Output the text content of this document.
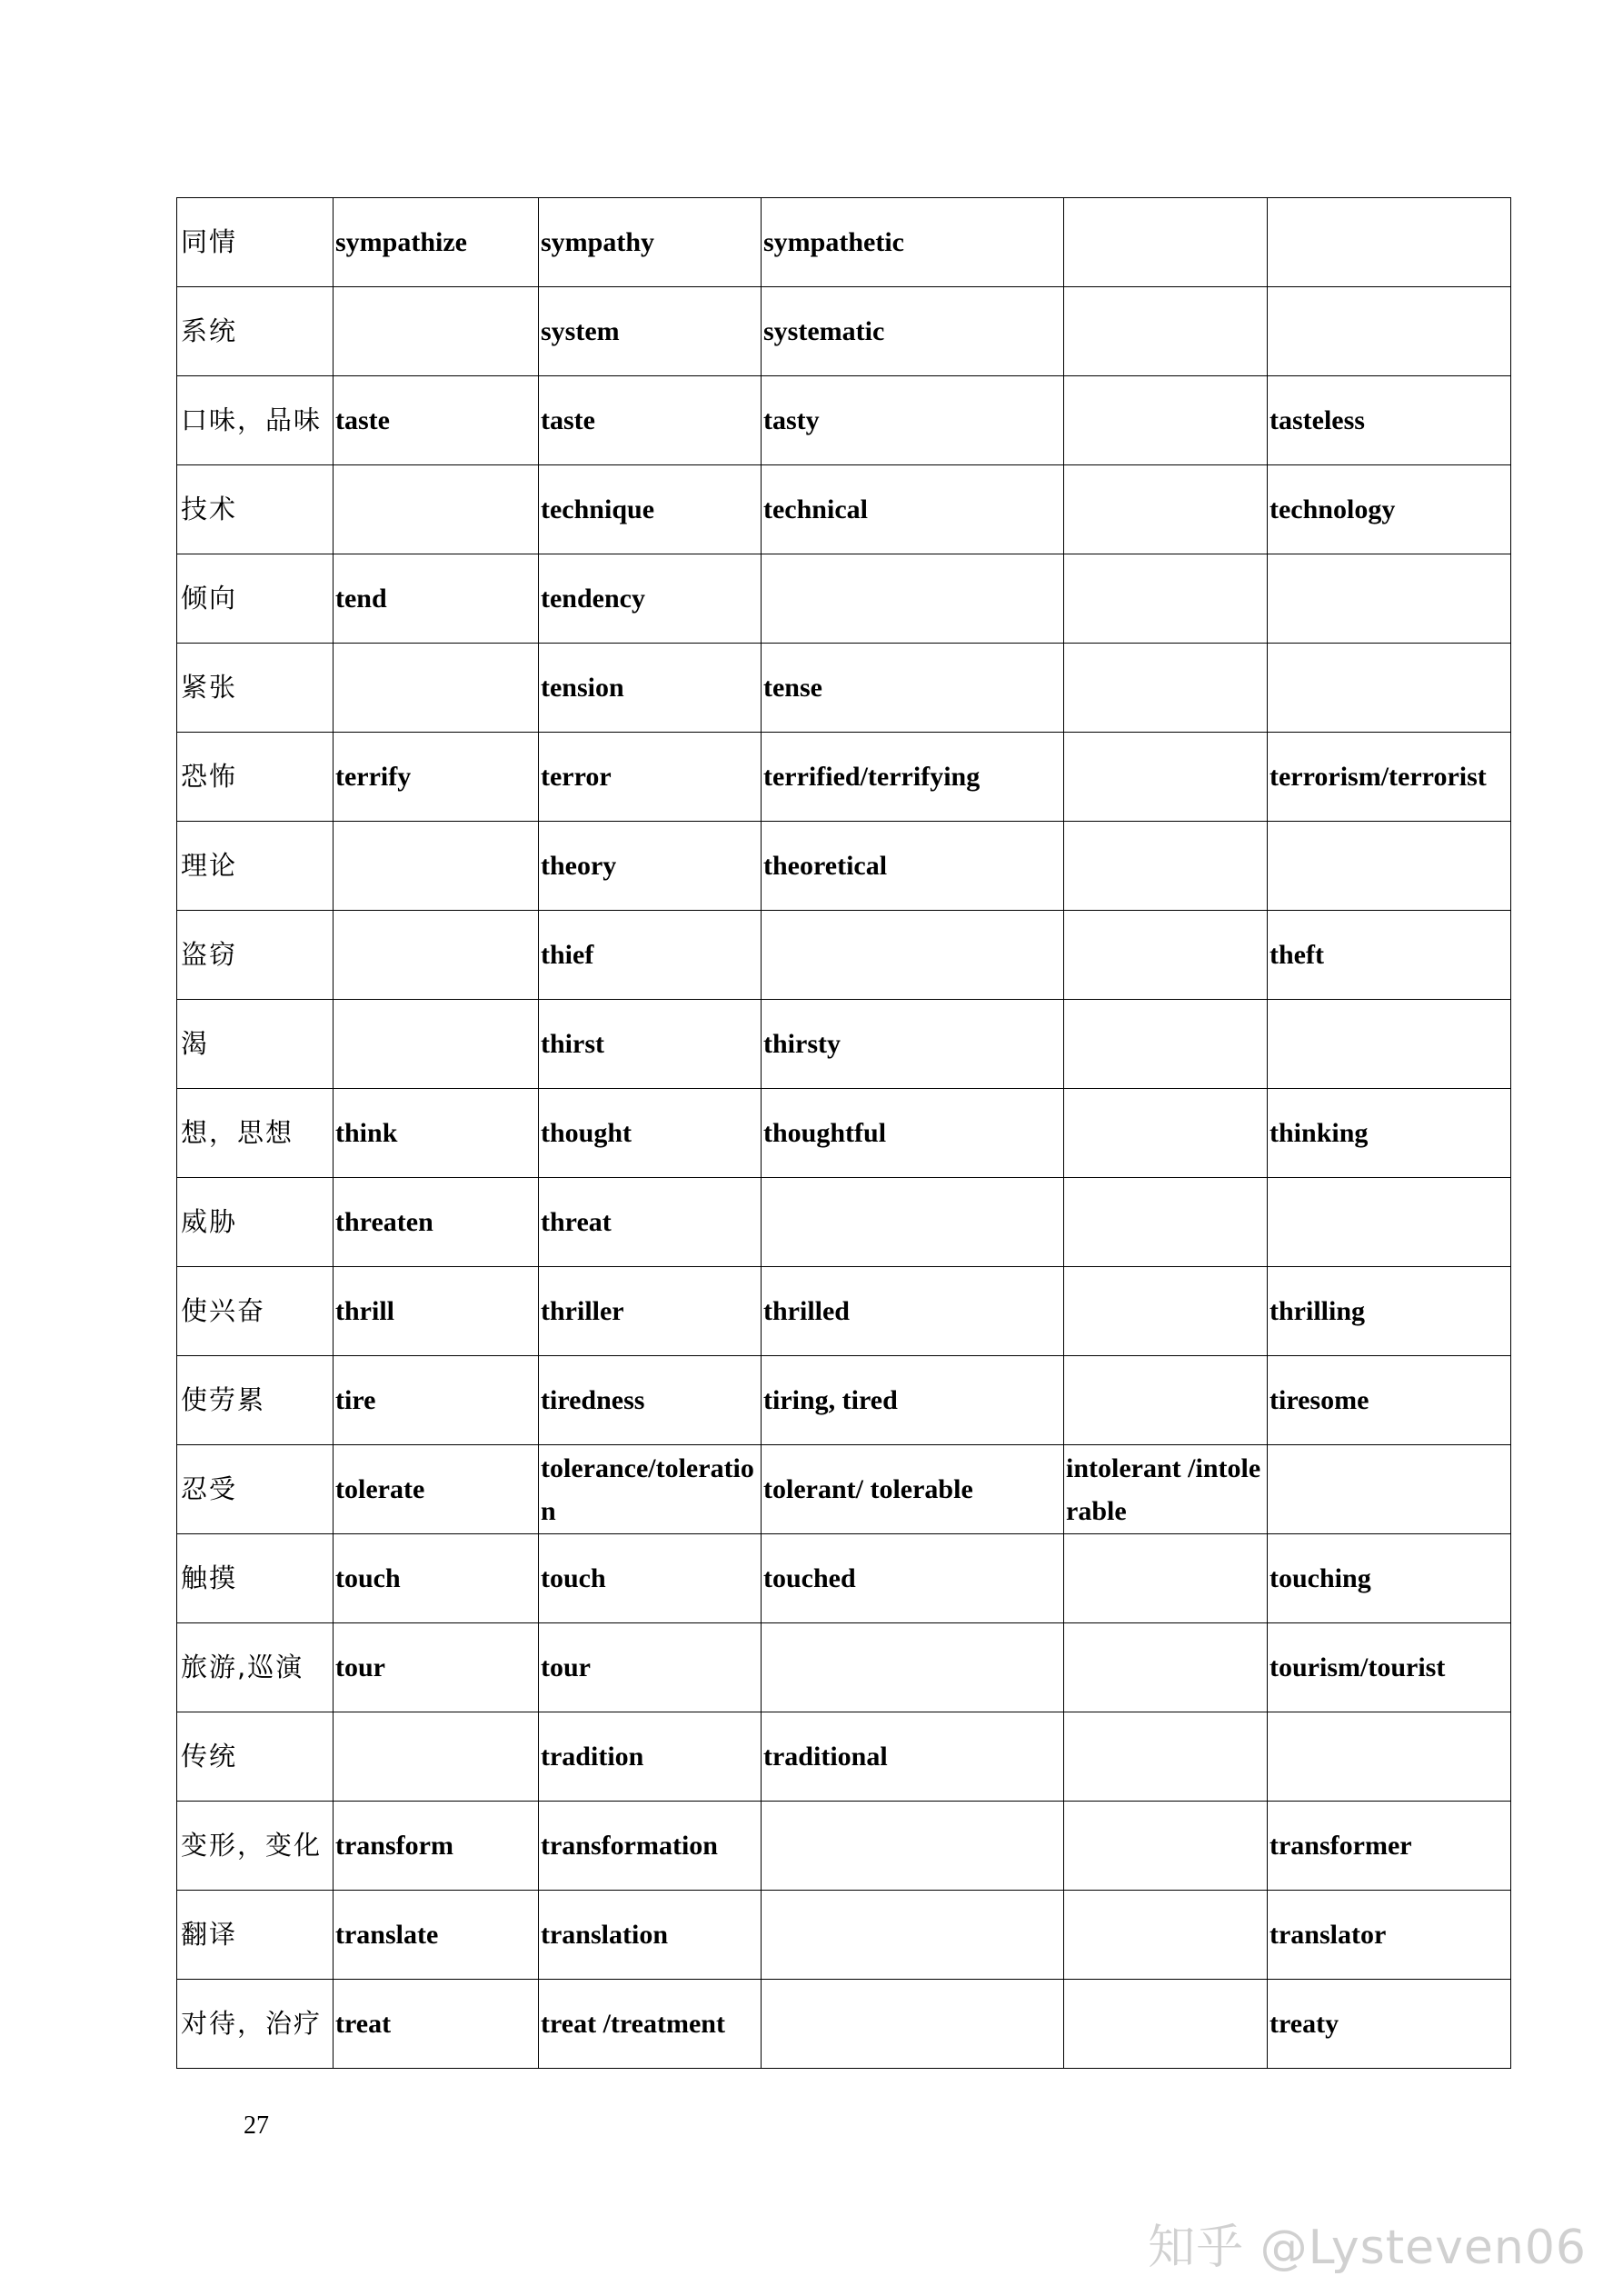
同情	sympathize	sympathy	sympathetic		
系统		system	systematic		
口味，品味	taste	taste	tasty		tasteless
技术		technique	technical		technology
倾向	tend	tendency			
紧张		tension	tense		
恐怖	terrify	terror	terrified/terrifying		terrorism/terrorist
理论		theory	theoretical		
盗窃		thief			theft
渴		thirst	thirsty		
想，思想	think	thought	thoughtful		thinking
威胁	threaten	threat			
使兴奋	thrill	thriller	thrilled		thrilling
使劳累	tire	tiredness	tiring, tired		tiresome
忍受	tolerate	tolerance/toleration	tolerant/ tolerable	intolerant /intolerable	
触摸	touch	touch	touched		touching
旅游,巡演	tour	tour			tourism/tourist
传统		tradition	traditional		
变形，变化	transform	transformation			transformer
翻译	translate	translation			translator
对待，治疗	treat	treat /treatment			treaty
27
知乎 @Lysteven06
